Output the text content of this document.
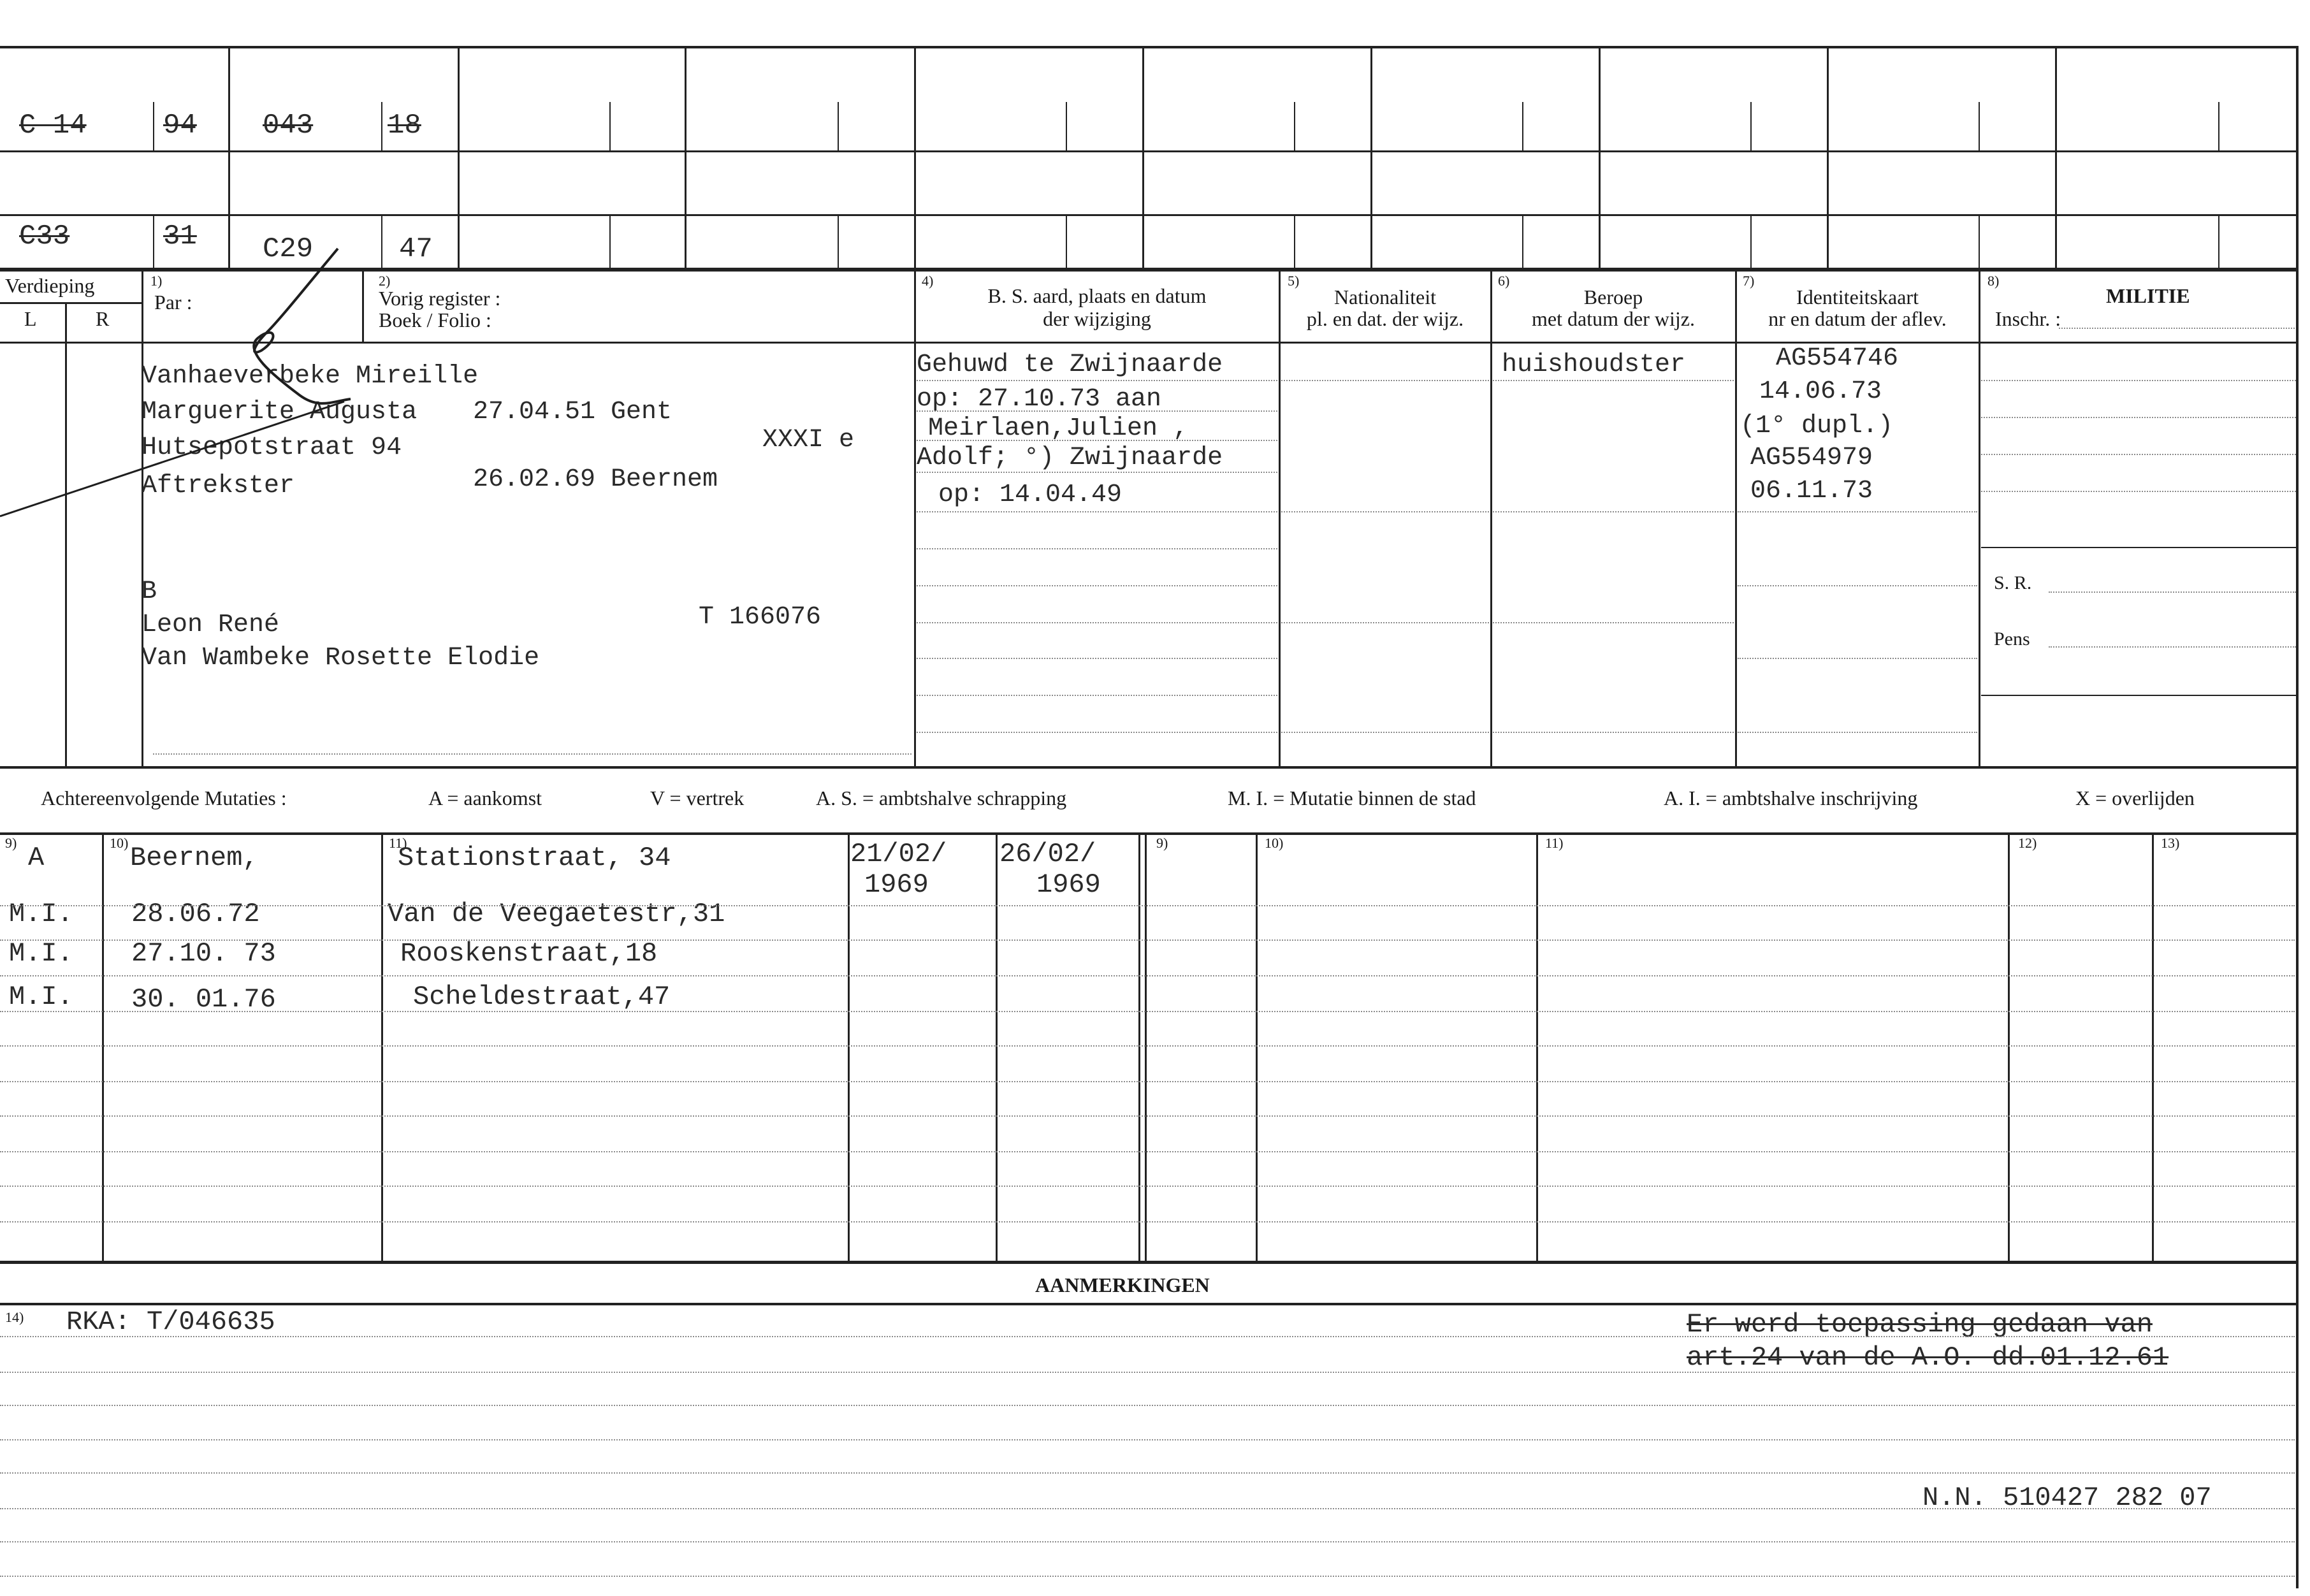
C 14	94 043	18
C33	31 C29	47
Verdieping
L	R
1)
Par :
2)
Vorig register :
Boek / Folio :
4)
B. S. aard, plaats en datum
der wijziging
5)
Nationaliteit
pl. en dat. der wijz.
6)
Beroep
met datum der wijz.
7)
Identiteitskaart
nr en datum der aflev.
8)
MILITIE
Inschr. :
Vanhaeverbeke Mireille
Marguerite Augusta 27.04.51 Gent
Hutsepotstraat 94	XXXI e
Aftrekster	26.02.69 Beernem
B
Leon René	T 166076
Van Wambeke Rosette Elodie
Gehuwd te Zwijnaarde
op: 27.10.73 aan
Meirlaen,Julien ,
Adolf; °) Zwijnaarde
op: 14.04.49
huishoudster	AG554746
14.06.73
(1° dupl.)
AG554979
06.11.73
S. R.
Pens
Achtereenvolgende Mutaties :	A = aankomst	V = vertrek	A. S. = ambtshalve schrapping	M. I. = Mutatie binnen de stad	A. I. = ambtshalve inschrijving	X = overlijden
9)	10)	11)	9)	10)	11)	12)	13)
A	Beernem,	Stationstraat, 34	21/02/
1969
26/02/
1969
M.I. 28.06.72	Van de Veegaetestr,31
M.I. 27.10. 73	Rooskenstraat,18
M.I. 30. 01.76	Scheldestraat,47
AANMERKINGEN
14) RKA: T/046635	Er werd toepassing gedaan van
art.24 van de A.O. dd.01.12.61
N.N. 510427 282 07
